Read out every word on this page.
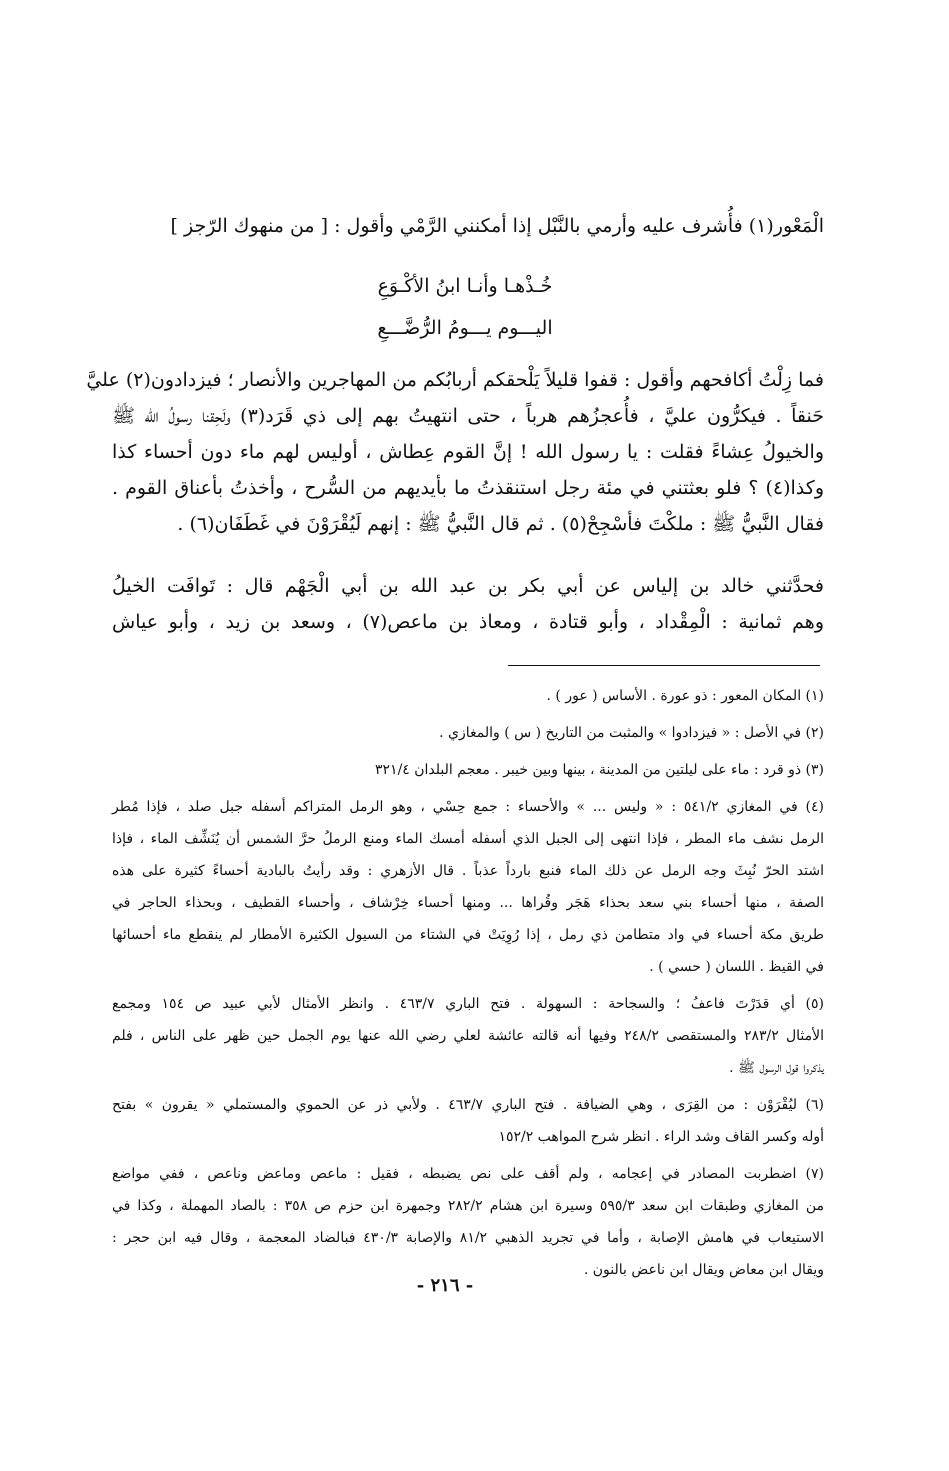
الْمَعْور(١) فأُشرف عليه وأرمي بالنَّبْل إذا أمكنني الرَّمْي وأقول : [ من منهوك الرّجز ]
خُـذْهـا وأنـا ابنُ الأكْـوَعِ
اليـــوم يـــومُ الرُّضَّـــعِ
فما زِلْتُ أكافحهم وأقول : قفوا قليلاً يَلْحقكم أربابُكم من المهاجرين والأنصار ؛ فيزدادون(٢) عليَّ
حَنقاً . فيكرُّون عليَّ ، فأُعجزُهم هرباً ، حتى انتهيتُ بهم إلى ذي قَرَد(٣) ولَحِقنا رسولُ الله ﷺ
والخيولُ عِشاءً فقلت : يا رسول الله ! إنَّ القوم عِطاش ، أوليس لهم ماء دون أحساء كذا
وكذا(٤) ؟ فلو بعثتني في مئة رجل استنقذتُ ما بأيديهم من السُّرح ، وأخذتُ بأعناق القوم .
فقال النَّبيُّ ﷺ : ملكْتَ فأسْجِحْ(٥) . ثم قال النَّبيُّ ﷺ : إنهم لَيُقْرَوْنَ في غَطَفَان(٦) .
فحدَّثني خالد بن إلياس عن أبي بكر بن عبد الله بن أبي الْجَهْم قال : تَوافَت الخيلُ
وهم ثمانية : الْمِقْداد ، وأبو قتادة ، ومعاذ بن ماعص(٧) ، وسعد بن زيد ، وأبو عياش
(١) المكان المعور : ذو عورة . الأساس ( عور ) .
(٢) في الأصل : « فيزدادوا » والمثبت من التاريخ ( س ) والمغازي .
(٣) ذو قرد : ماء على ليلتين من المدينة ، بينها وبين خيبر . معجم البلدان ٣٢١/٤
(٤) في المغازي ٥٤١/٢ : « وليس ... » والأحساء : جمع حِسْي ، وهو الرمل المتراكم أسفله جبل صلد ، فإذا مُطر
الرمل نشف ماء المطر ، فإذا انتهى إلى الجبل الذي أسفله أمسك الماء ومنع الرملُ حرَّ الشمس أن يُنَشِّف الماء ، فإذا
اشتد الحرّ نُبِثَ وجه الرمل عن ذلك الماء فنبع بارداً عذباً . قال الأزهري : وقد رأيتُ بالبادية أحساءً كثيرة على هذه
الصفة ، منها أحساء بني سعد بحذاء هَجَر وقُراها ... ومنها أحساء خِرْشاف ، وأحساء القطيف ، وبحذاء الحاجر في
طريق مكة أحساء في واد متطامن ذي رمل ، إذا رُوِيَتْ في الشتاء من السيول الكثيرة الأمطار لم ينقطع ماء أحسائها
في القيظ . اللسان ( حسي ) .
(٥) أي قدَرْتَ فاعفُ ؛ والسجاحة : السهولة . فتح الباري ٤٦٣/٧ . وانظر الأمثال لأبي عبيد ص ١٥٤ ومجمع
الأمثال ٢٨٣/٢ والمستقصى ٢٤٨/٢ وفيها أنه قالته عائشة لعلي رضي الله عنها يوم الجمل حين ظهر على الناس ، فلم
يذكروا قول الرسول ﷺ .
(٦) ليُقْرَوْن : من القِرَى ، وهي الضيافة . فتح الباري ٤٦٣/٧ . ولأبي ذر عن الحموي والمستملي « يقرون » بفتح
أوله وكسر القاف وشد الراء . انظر شرح المواهب ١٥٢/٢
(٧) اضطربت المصادر في إعجامه ، ولم أقف على نص يضبطه ، فقيل : ماعص وماعض وناعص ، ففي مواضع
من المغازي وطبقات ابن سعد ٥٩٥/٣ وسيرة ابن هشام ٢٨٢/٢ وجمهرة ابن حزم ص ٣٥٨ : بالصاد المهملة ، وكذا في
الاستيعاب في هامش الإصابة ، وأما في تجريد الذهبي ٨١/٢ والإصابة ٤٣٠/٣ فبالضاد المعجمة ، وقال فيه ابن حجر :
ويقال ابن معاض ويقال ابن ناعض بالنون .
- ٢١٦ -
